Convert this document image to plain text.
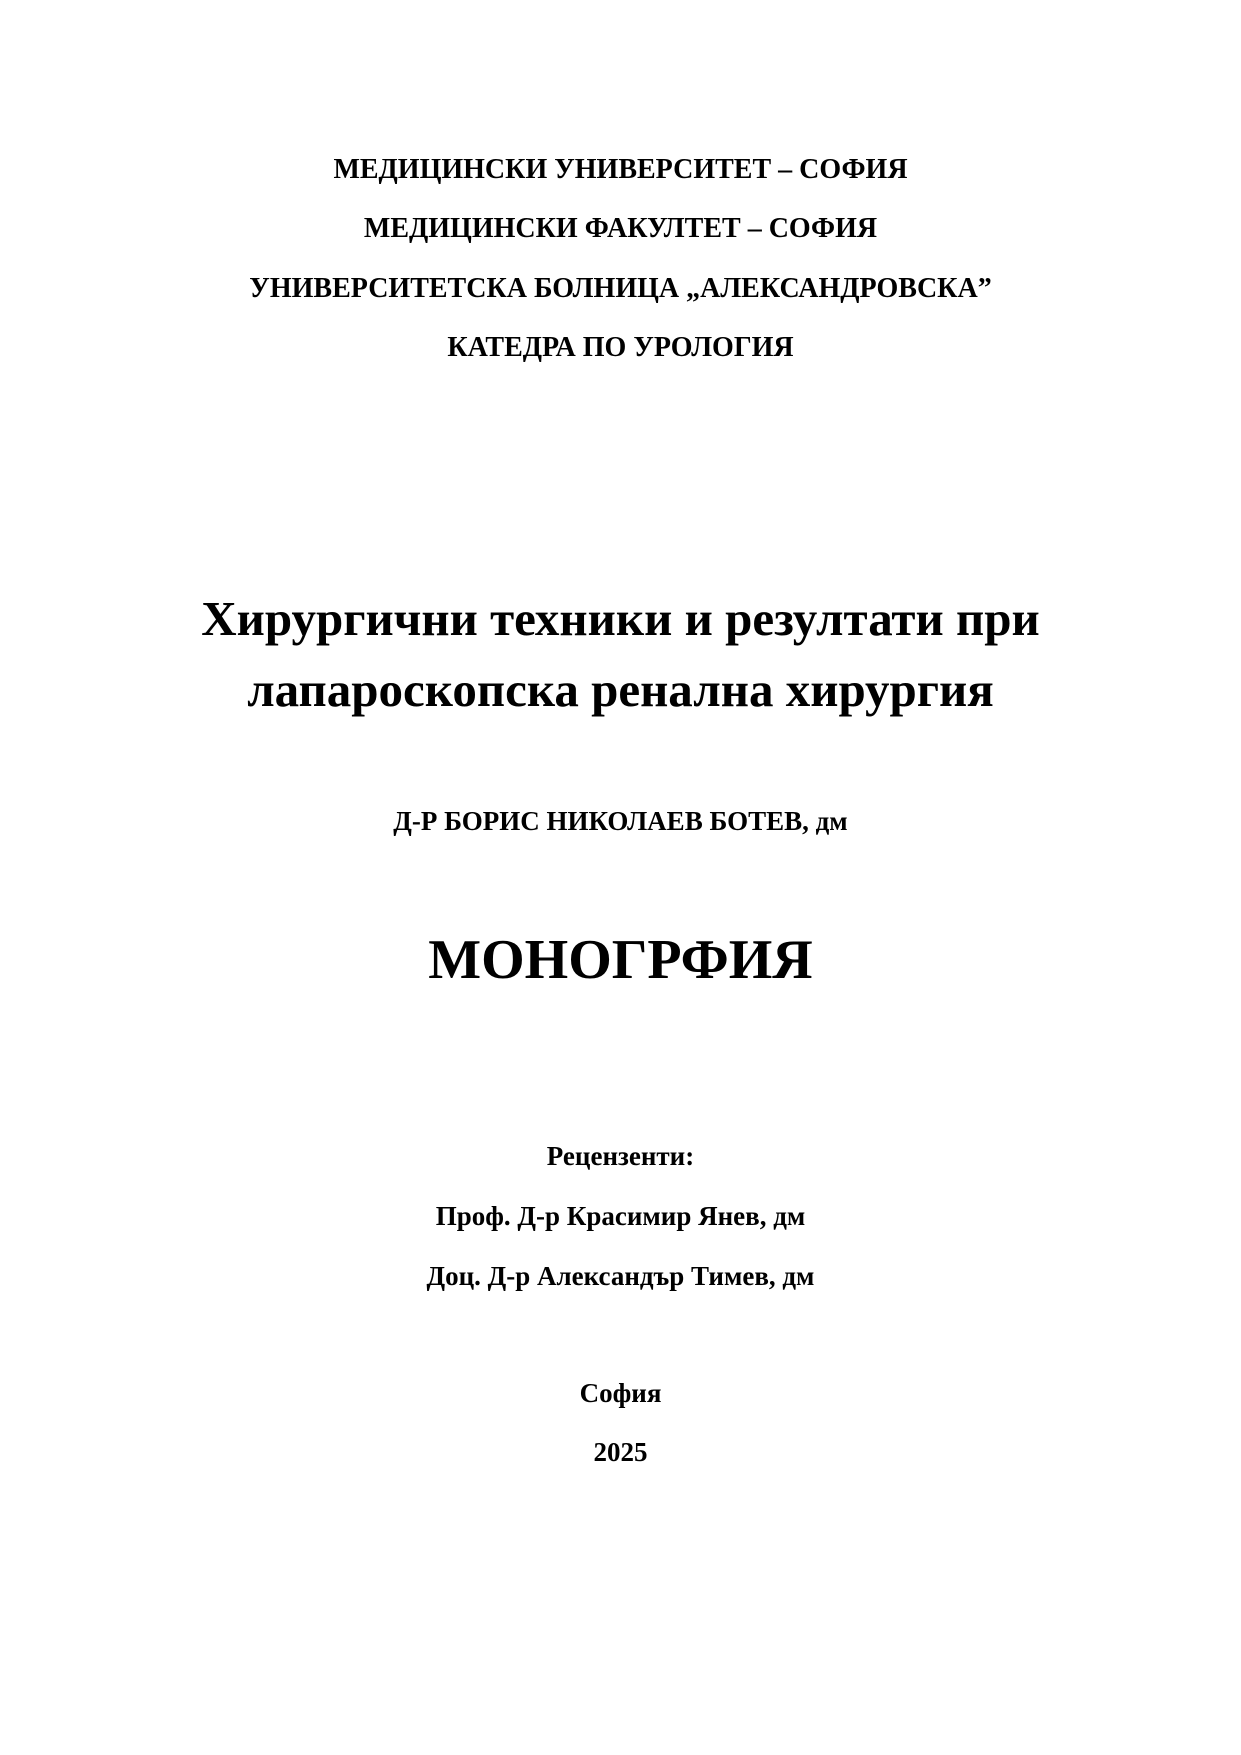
МЕДИЦИНСКИ УНИВЕРСИТЕТ – СОФИЯ
МЕДИЦИНСКИ ФАКУЛТЕТ – СОФИЯ
УНИВЕРСИТЕТСКА БОЛНИЦА „АЛЕКСАНДРОВСКА”
КАТЕДРА ПО УРОЛОГИЯ
Хирургични техники и резултати при
лапароскопска ренална хирургия
Д-Р БОРИС НИКОЛАЕВ БОТЕВ, дм
МОНОГРФИЯ
Рецензенти:
Проф. Д-р Красимир Янев, дм
Доц. Д-р Александър Тимев, дм
София
2025
